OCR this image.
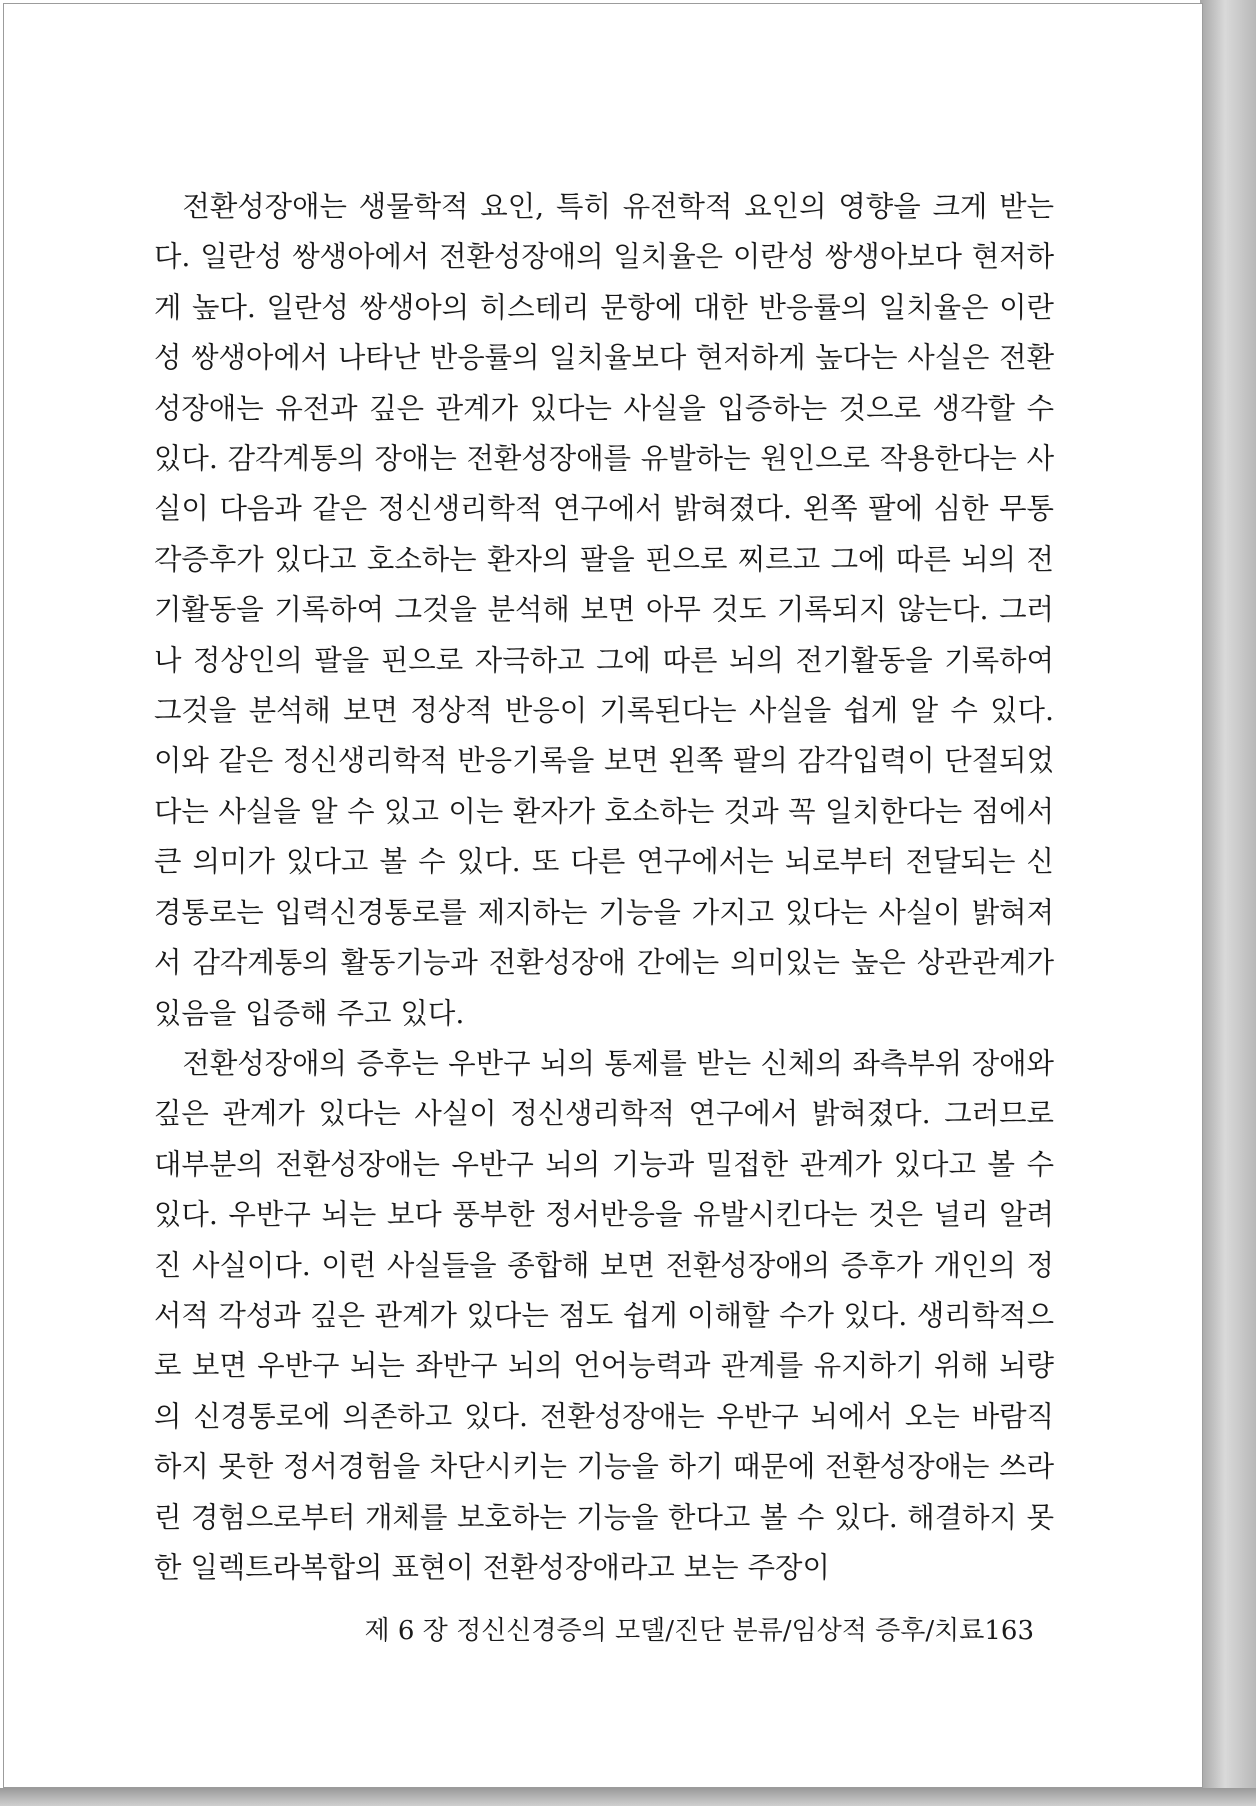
전환성장애는 생물학적 요인, 특히 유전학적 요인의 영향을 크게 받는다. 일란성 쌍생아에서 전환성장애의 일치율은 이란성 쌍생아보다 현저하게 높다. 일란성 쌍생아의 히스테리 문항에 대한 반응률의 일치율은 이란성 쌍생아에서 나타난 반응률의 일치율보다 현저하게 높다는 사실은 전환성장애는 유전과 깊은 관계가 있다는 사실을 입증하는 것으로 생각할 수 있다. 감각계통의 장애는 전환성장애를 유발하는 원인으로 작용한다는 사실이 다음과 같은 정신생리학적 연구에서 밝혀졌다. 왼쪽 팔에 심한 무통각증후가 있다고 호소하는 환자의 팔을 핀으로 찌르고 그에 따른 뇌의 전기활동을 기록하여 그것을 분석해 보면 아무 것도 기록되지 않는다. 그러나 정상인의 팔을 핀으로 자극하고 그에 따른 뇌의 전기활동을 기록하여 그것을 분석해 보면 정상적 반응이 기록된다는 사실을 쉽게 알 수 있다. 이와 같은 정신생리학적 반응기록을 보면 왼쪽 팔의 감각입력이 단절되었다는 사실을 알 수 있고 이는 환자가 호소하는 것과 꼭 일치한다는 점에서 큰 의미가 있다고 볼 수 있다. 또 다른 연구에서는 뇌로부터 전달되는 신경통로는 입력신경통로를 제지하는 기능을 가지고 있다는 사실이 밝혀져서 감각계통의 활동기능과 전환성장애 간에는 의미있는 높은 상관관계가 있음을 입증해 주고 있다.

전환성장애의 증후는 우반구 뇌의 통제를 받는 신체의 좌측부위 장애와 깊은 관계가 있다는 사실이 정신생리학적 연구에서 밝혀졌다. 그러므로 대부분의 전환성장애는 우반구 뇌의 기능과 밀접한 관계가 있다고 볼 수 있다. 우반구 뇌는 보다 풍부한 정서반응을 유발시킨다는 것은 널리 알려진 사실이다. 이런 사실들을 종합해 보면 전환성장애의 증후가 개인의 정서적 각성과 깊은 관계가 있다는 점도 쉽게 이해할 수가 있다. 생리학적으로 보면 우반구 뇌는 좌반구 뇌의 언어능력과 관계를 유지하기 위해 뇌량의 신경통로에 의존하고 있다. 전환성장애는 우반구 뇌에서 오는 바람직하지 못한 정서경험을 차단시키는 기능을 하기 때문에 전환성장애는 쓰라린 경험으로부터 개체를 보호하는 기능을 한다고 볼 수 있다. 해결하지 못한 일렉트라복합의 표현이 전환성장애라고 보는 주장이

제 6 장 정신신경증의 모델/진단 분류/임상적 증후/치료163
